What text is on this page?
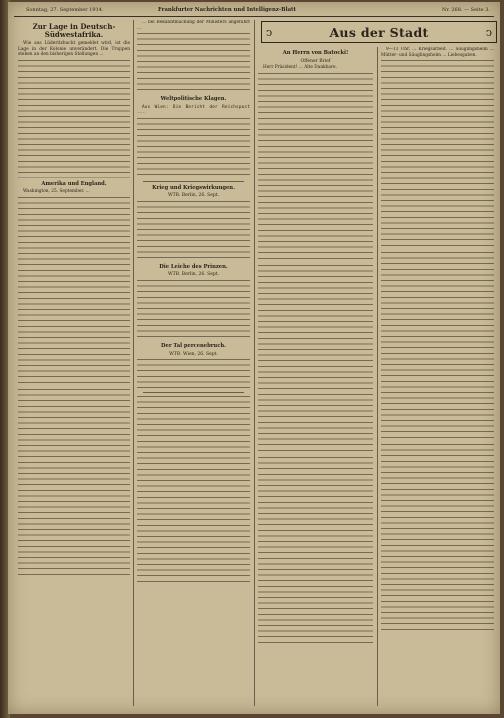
Sonntag, 27. September 1914.	Frankfurter Nachrichten und Intelligenz-Blatt	Nr. 268. — Seite 3.
Zur Lage in Deutsch-Südwestafrika.
Wie aus Lüderitzbucht gemeldet wird, ist die Lage in der Kolonie unverändert. Die Truppen stehen an den bisherigen Stellungen ...
Amerika und England.
Washington, 25. September. ...
... bei Bekanntmachung der Ministers angeführt ...
Weltpolitische Klagen.
Aus Wien: Die Bericht der Reichspost ...
Krieg und Kriegswirkungen.
WTB. Berlin, 26. Sept.
Die Leiche des Prinzen.
WTB. Berlin, 26. Sept.
Der Tal percenebruch.
WTB. Wien, 26. Sept.
ↄ	Aus der Stadt	ↄ
An Herrn von Batocki!
Offener Brief
Herr Präsident! ... Alte Dankbare.
9—11 Uhr, ... Kriegsarbeit. ... Säuglingsheim ... Mütter- und Säuglingsheim ... Liebesgaben.
